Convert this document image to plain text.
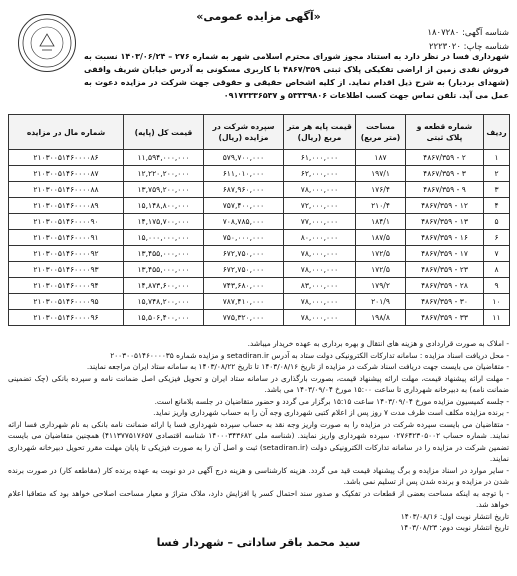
«آگهی مزایده عمومی»
شناسه آگهی: ۱۸۰۷۲۸۰
شناسه چاپ: ۲۲۲۳۰۲۰
شهرداری فسا در نظر دارد به استناد مجوز شورای محترم اسلامی شهر به شماره ۲۷۶ – ۱۴۰۳/۰۶/۲۴ نسبت به فروش نقدی زمین از اراضی تفکیکی پلاک ثبتی ۴۸۶۷/۳۵۹ با کاربری مسکونی به آدرس خیابان شریف واقفی (شهدای بردبار) به شرح ذیل اقدام نماید. از کلیه اشخاص حقیقی و حقوقی جهت شرکت در مزایده دعوت به عمل می آید. تلفن تماس جهت کسب اطلاعات ۵۳۳۳۹۸۰۶ و ۰۹۱۷۳۳۳۶۵۳۷
ردیف	شماره قطعه و پلاک ثبتی	مساحت (متر مربع)	قیمت پایه هر متر مربع (ریال)	سپرده شرکت در مزایده (ریال)	قیمت کل (پایه)	شماره مال در مزایده
۱	۲ - ۴۸۶۷/۳۵۹	۱۸۷	۶۱,۰۰۰,۰۰۰	۵۷۹,۷۰۰,۰۰۰	۱۱,۵۹۴,۰۰۰,۰۰۰	۲۱۰۳۰۰۵۱۴۶۰۰۰۰۸۶
۲	۳ - ۴۸۶۷/۳۵۹	۱۹۷/۱	۶۲,۰۰۰,۰۰۰	۶۱۱,۰۱۰,۰۰۰	۱۲,۲۲۰,۲۰۰,۰۰۰	۲۱۰۳۰۰۵۱۴۶۰۰۰۰۸۷
۳	۹ - ۴۸۶۷/۳۵۹	۱۷۶/۴	۷۸,۰۰۰,۰۰۰	۶۸۷,۹۶۰,۰۰۰	۱۳,۷۵۹,۲۰۰,۰۰۰	۲۱۰۳۰۰۵۱۴۶۰۰۰۰۸۸
۴	۱۲ - ۴۸۶۷/۳۵۹	۲۱۰/۴	۷۲,۰۰۰,۰۰۰	۷۵۷,۴۰۰,۰۰۰	۱۵,۱۴۸,۸۰۰,۰۰۰	۲۱۰۳۰۰۵۱۴۶۰۰۰۰۸۹
۵	۱۳ - ۴۸۶۷/۳۵۹	۱۸۴/۱	۷۷,۰۰۰,۰۰۰	۷۰۸,۷۸۵,۰۰۰	۱۴,۱۷۵,۷۰۰,۰۰۰	۲۱۰۳۰۰۵۱۴۶۰۰۰۰۹۰
۶	۱۶ - ۴۸۶۷/۳۵۹	۱۸۷/۵	۸۰,۰۰۰,۰۰۰	۷۵۰,۰۰۰,۰۰۰	۱۵,۰۰۰,۰۰۰,۰۰۰	۲۱۰۳۰۰۵۱۴۶۰۰۰۰۹۱
۷	۱۷ - ۴۸۶۷/۳۵۹	۱۷۲/۵	۷۸,۰۰۰,۰۰۰	۶۷۲,۷۵۰,۰۰۰	۱۳,۴۵۵,۰۰۰,۰۰۰	۲۱۰۳۰۰۵۱۴۶۰۰۰۰۹۲
۸	۲۳ - ۴۸۶۷/۳۵۹	۱۷۲/۵	۷۸,۰۰۰,۰۰۰	۶۷۲,۷۵۰,۰۰۰	۱۳,۴۵۵,۰۰۰,۰۰۰	۲۱۰۳۰۰۵۱۴۶۰۰۰۰۹۳
۹	۲۸ - ۴۸۶۷/۳۵۹	۱۷۹/۲	۸۳,۰۰۰,۰۰۰	۷۴۳,۶۸۰,۰۰۰	۱۴,۸۷۳,۶۰۰,۰۰۰	۲۱۰۳۰۰۵۱۴۶۰۰۰۰۹۴
۱۰	۳۰ - ۴۸۶۷/۳۵۹	۲۰۱/۹	۷۸,۰۰۰,۰۰۰	۷۸۷,۴۱۰,۰۰۰	۱۵,۷۴۸,۲۰۰,۰۰۰	۲۱۰۳۰۰۵۱۴۶۰۰۰۰۹۵
۱۱	۳۳ - ۴۸۶۷/۳۵۹	۱۹۸/۸	۷۸,۰۰۰,۰۰۰	۷۷۵,۳۲۰,۰۰۰	۱۵,۵۰۶,۴۰۰,۰۰۰	۲۱۰۳۰۰۵۱۴۶۰۰۰۰۹۶

- املاک به صورت قراردادی و هزینه های انتقال و بهره برداری به عهده خریدار میباشد.

- محل دریافت اسناد مزایده : سامانه تدارکات الکترونیکی دولت ستاد به آدرس setadiran.ir و مزایده شماره ۲۰۰۳۰۰۵۱۴۶۰۰۰۰۳۵

- متقاضیان می بایست جهت دریافت اسناد شرکت در مزایده از تاریخ ۱۴۰۳/۰۸/۱۶ تا تاریخ ۱۴۰۳/۰۸/۲۲ به سامانه ستاد ایران مراجعه نمایند.

- مهلت ارائه پیشنهاد قیمت، مهلت ارائه پیشنهاد قیمت، بصورت بارگذاری در سامانه ستاد ایران و تحویل فیزیکی اصل ضمانت نامه و سپرده بانکی (چک تضمینی ضمانت نامه) به دبیرخانه شهرداری تا ساعت ۱۵:۰۰ مورخ ۱۴۰۳/۰۹/۰۴ می باشد.

- جلسه کمیسیون مزایده مورخ ۱۴۰۳/۰۹/۰۴ ساعت ۱۵:۱۵ برگزار می گردد و حضور متقاضیان در جلسه بلامانع است.

- برنده مزایده مکلف است ظرف مدت ۷ روز پس از اعلام کتبی شهرداری وجه آن را به حساب شهرداری واریز نماید.

- متقاضیان می بایست سپرده شرکت در مزایده را به صورت واریز وجه نقد به حساب سپرده شهرداری فسا یا ارائه ضمانت نامه بانکی به نام شهرداری فسا ارائه نمایند. شماره حساب ۰۲۷۶۴۲۳۰۵۰۰۲ سپرده شهرداری واریز نمایند. (شناسه ملی ۱۴۰۰۰۳۴۳۶۸۲ شناسه اقتصادی ۴۱۱۳۷۷۵۱۷۶۵۷) همچنین متقاضیان می بایست تضمین شرکت در مزایده را در سامانه تدارکات الکترونیکی دولت (setadiran.ir) ثبت و اصل آن را به صورت فیزیکی تا پایان مهلت مقرر تحویل دبیرخانه شهرداری نمایند.

- سایر موارد در اسناد مزایده و برگ پیشنهاد قیمت قید می گردد. هزینه کارشناسی و هزینه درج آگهی در دو نوبت به عهده برنده کار (مقاطعه کار) در صورت برنده شدن در مزایده و برنده شدن پس از تسلیم نمی باشد.

- با توجه به اینکه مساحت بعضی از قطعات در تفکیک و صدور سند احتمال کسر یا افزایش دارد، ملاک متراژ و معیار مساحت اصلاحی خواهد بود که متعاقبا اعلام خواهد شد.

تاریخ انتشار نوبت اول: ۱۴۰۳/۰۸/۱۶

تاریخ انتشار نوبت دوم: ۱۴۰۳/۰۸/۲۳

سید محمد باقر ساداتی – شهردار فسا
